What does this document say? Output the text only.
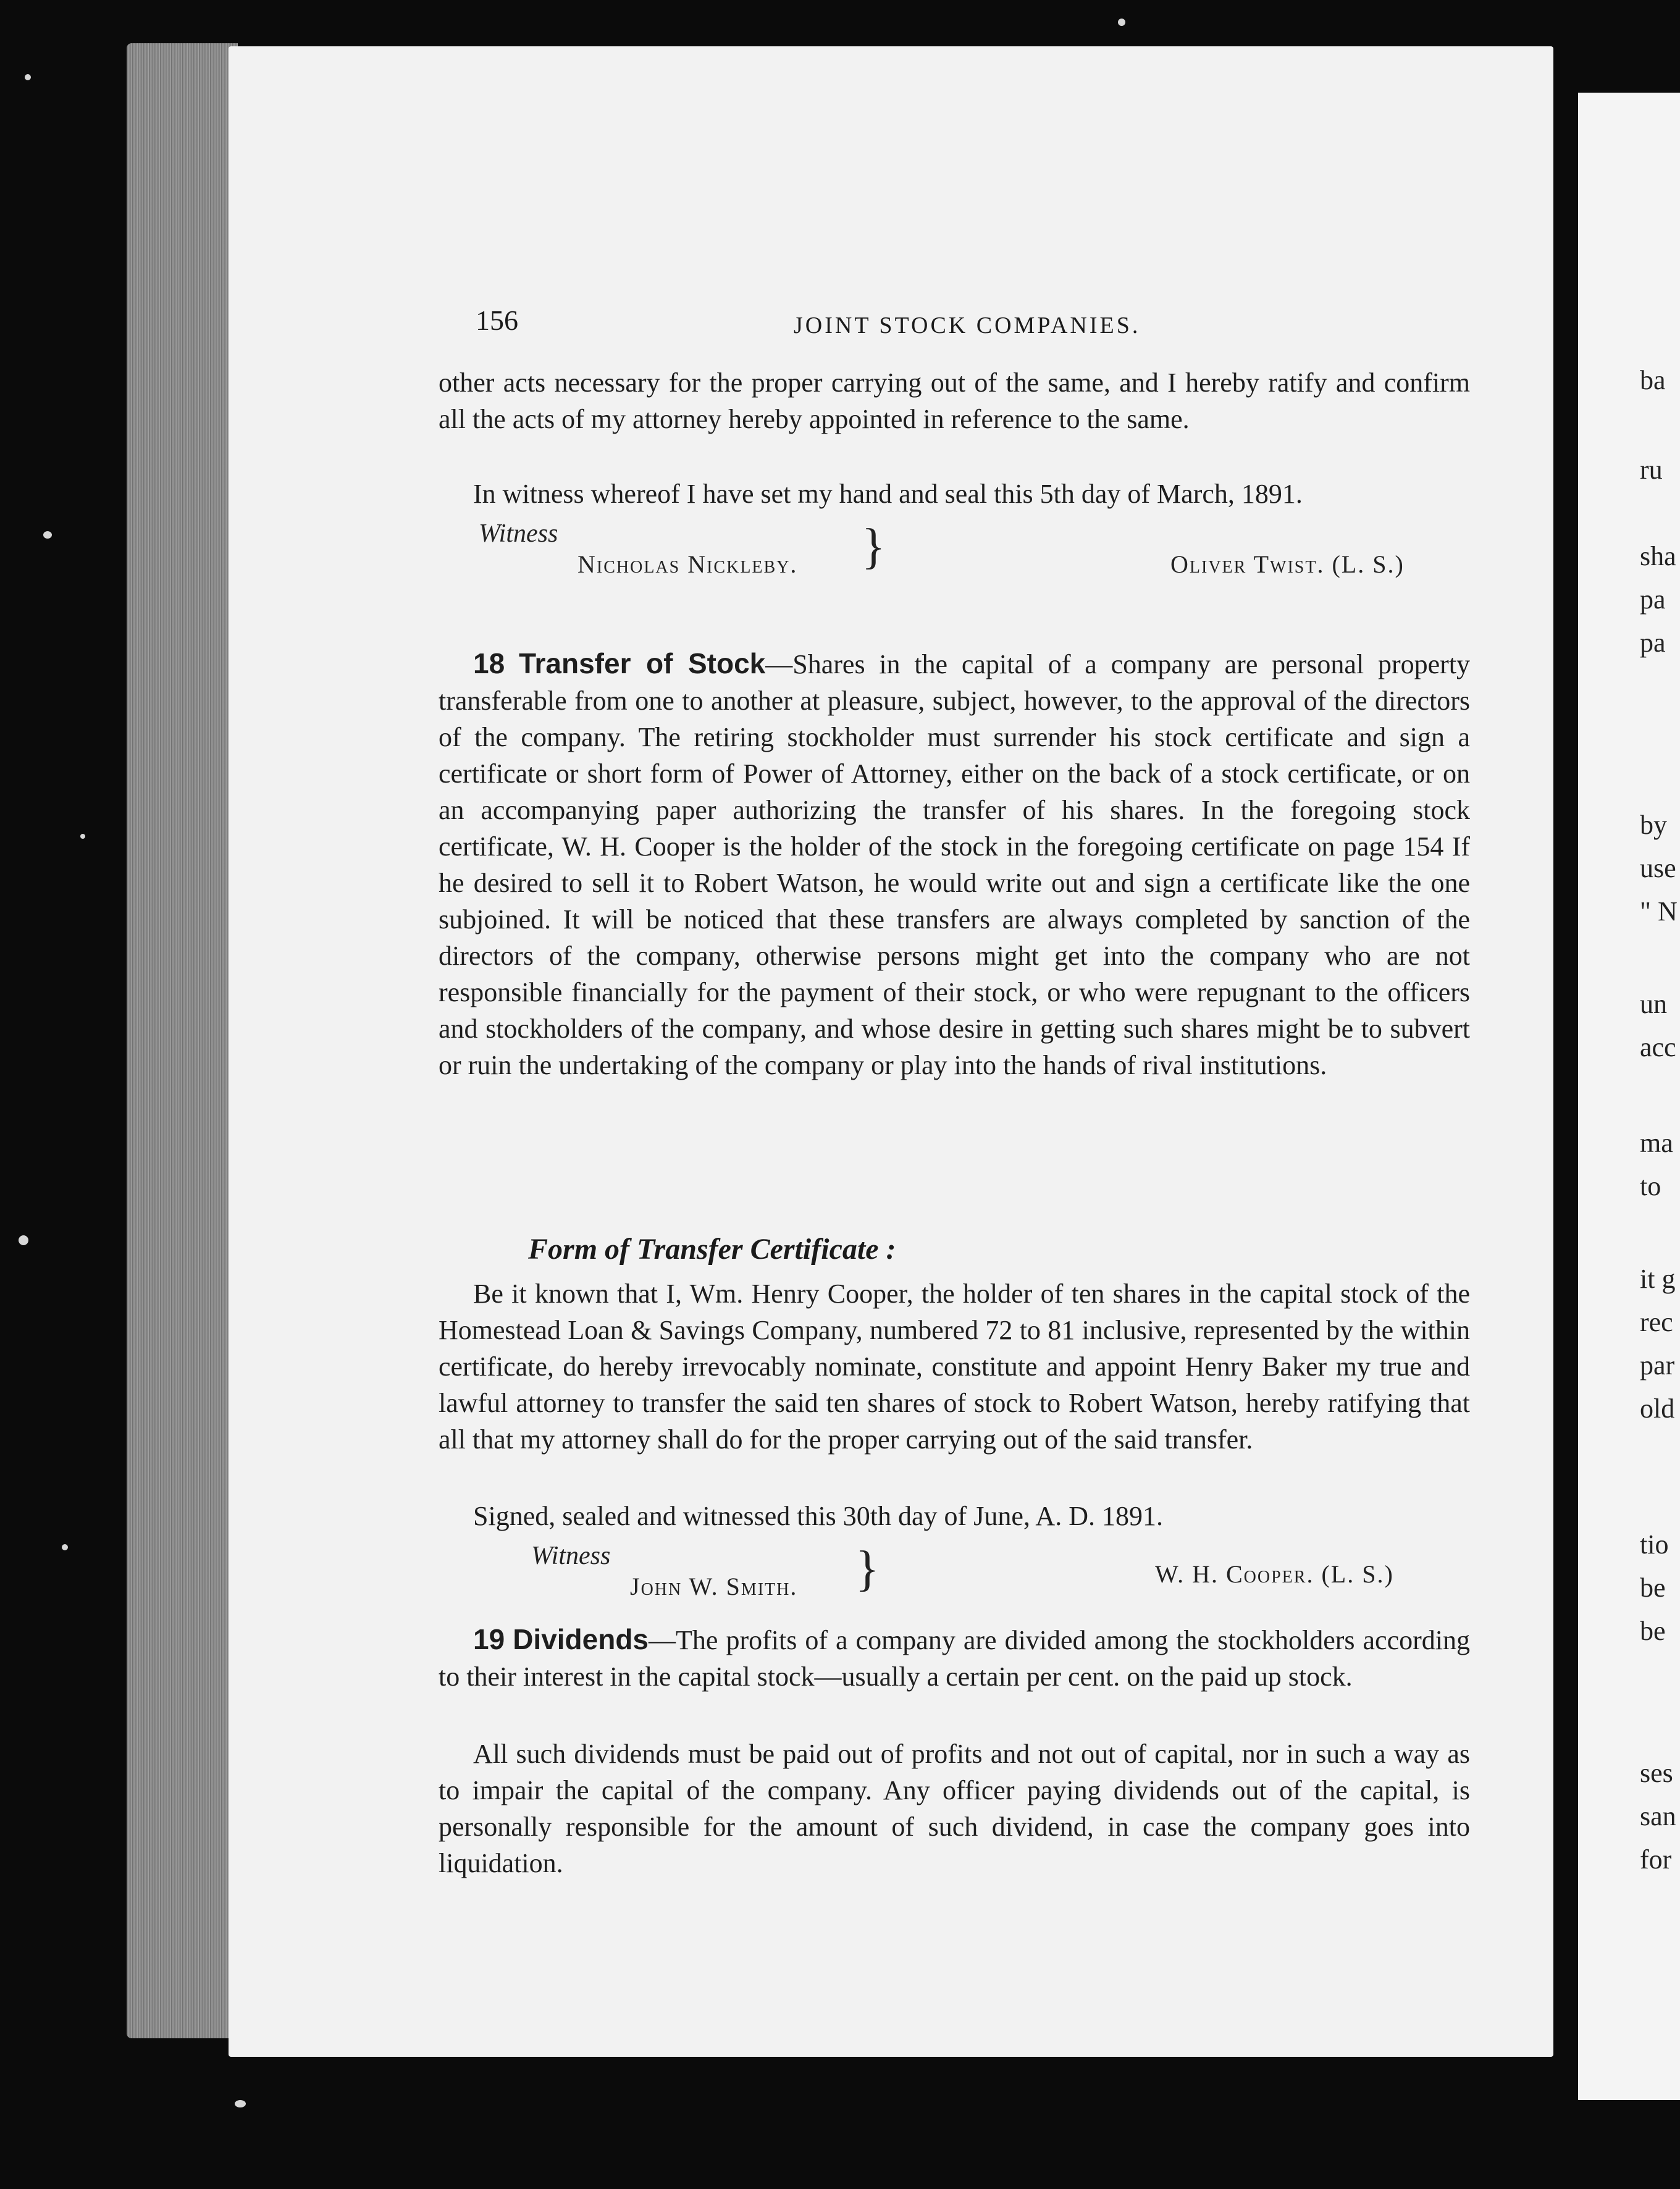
156	JOINT STOCK COMPANIES.

other acts necessary for the proper carrying out of the same, and I hereby ratify and confirm all the acts of my attorney hereby appointed in reference to the same.

In witness whereof I have set my hand and seal this 5th day of March, 1891.

Witness
Nicholas Nickleby. }	Oliver Twist. (L. S.)

18 Transfer of Stock—Shares in the capital of a company are personal property transferable from one to another at pleasure, subject, however, to the approval of the directors of the company. The retiring stockholder must surrender his stock certificate and sign a certificate or short form of Power of Attorney, either on the back of a stock certificate, or on an accompanying paper authorizing the transfer of his shares. In the foregoing stock certificate, W. H. Cooper is the holder of the stock in the foregoing certificate on page 154 If he desired to sell it to Robert Watson, he would write out and sign a certificate like the one subjoined. It will be noticed that these transfers are always completed by sanction of the directors of the company, otherwise persons might get into the company who are not responsible financially for the payment of their stock, or who were repugnant to the officers and stockholders of the company, and whose desire in getting such shares might be to subvert or ruin the undertaking of the company or play into the hands of rival institutions.

Form of Transfer Certificate :

Be it known that I, Wm. Henry Cooper, the holder of ten shares in the capital stock of the Homestead Loan & Savings Company, numbered 72 to 81 inclusive, represented by the within certificate, do hereby irrevocably nominate, constitute and appoint Henry Baker my true and lawful attorney to transfer the said ten shares of stock to Robert Watson, hereby ratifying that all that my attorney shall do for the proper carrying out of the said transfer.

Signed, sealed and witnessed this 30th day of June, A. D. 1891.

Witness
John W. Smith. }	W. H. Cooper. (L. S.)

19 Dividends—The profits of a company are divided among the stockholders according to their interest in the capital stock—usually a certain per cent. on the paid up stock.

All such dividends must be paid out of profits and not out of capital, nor in such a way as to impair the capital of the company. Any officer paying dividends out of the capital, is personally responsible for the amount of such dividend, in case the company goes into liquidation.

ba
ru
sha
pa
pa
by
use
" N
un
acc
ma
to
it g
rec
par
old
tio
be
be
ses
san
for
